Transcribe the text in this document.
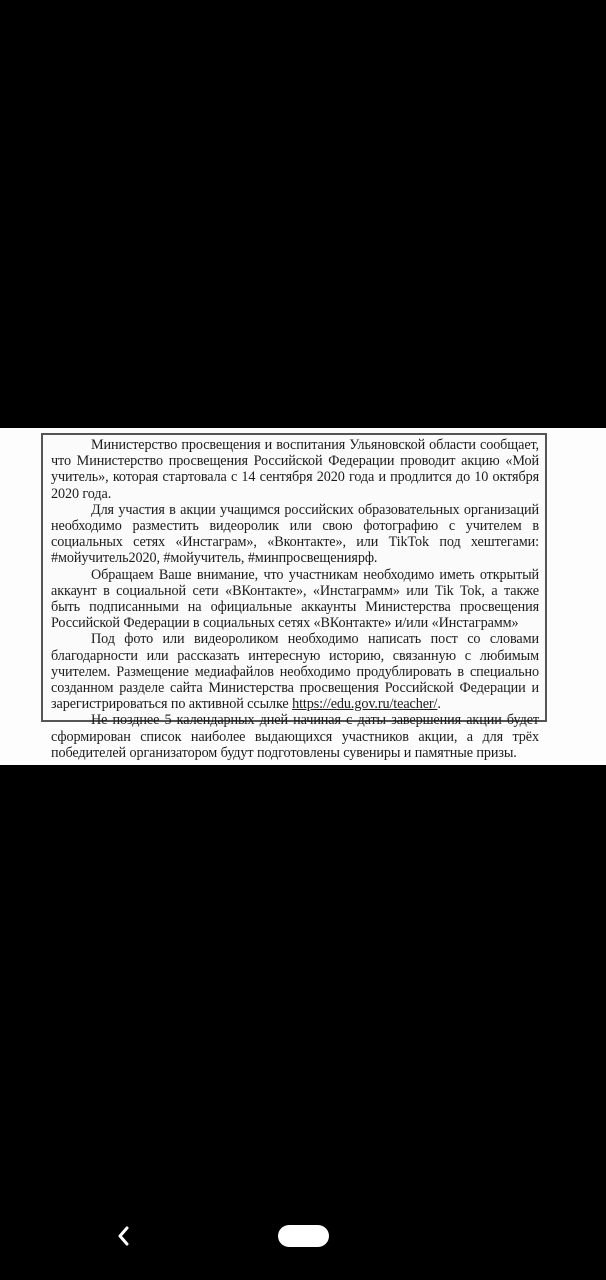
Министерство просвещения и воспитания Ульяновской области сообщает, что Министерство просвещения Российской Федерации проводит акцию «Мой учитель», которая стартовала с 14 сентября 2020 года и продлится до 10 октября 2020 года.

Для участия в акции учащимся российских образовательных организаций необходимо разместить видеоролик или свою фотографию с учителем в социальных сетях «Инстаграм», «Вконтакте», или TikTok под хештегами: #мойучитель2020, #мойучитель, #минпросвещенияpф.

Обращаем Ваше внимание, что участникам необходимо иметь открытый аккаунт в социальной сети «ВКонтакте», «Инстаграмм» или Tik Tok, а также быть подписанными на официальные аккаунты Министерства просвещения Российской Федерации в социальных сетях «ВКонтакте» и/или «Инстаграмм»

Под фото или видеороликом необходимо написать пост со словами благодарности или рассказать интересную историю, связанную с любимым учителем. Размещение медиафайлов необходимо продублировать в специально созданном разделе сайта Министерства просвещения Российской Федерации и зарегистрироваться по активной ссылке https://edu.gov.ru/teacher/.

Не позднее 5 календарных дней начиная с даты завершения акции будет сформирован список наиболее выдающихся участников акции, а для трёх победителей организатором будут подготовлены сувениры и памятные призы.
